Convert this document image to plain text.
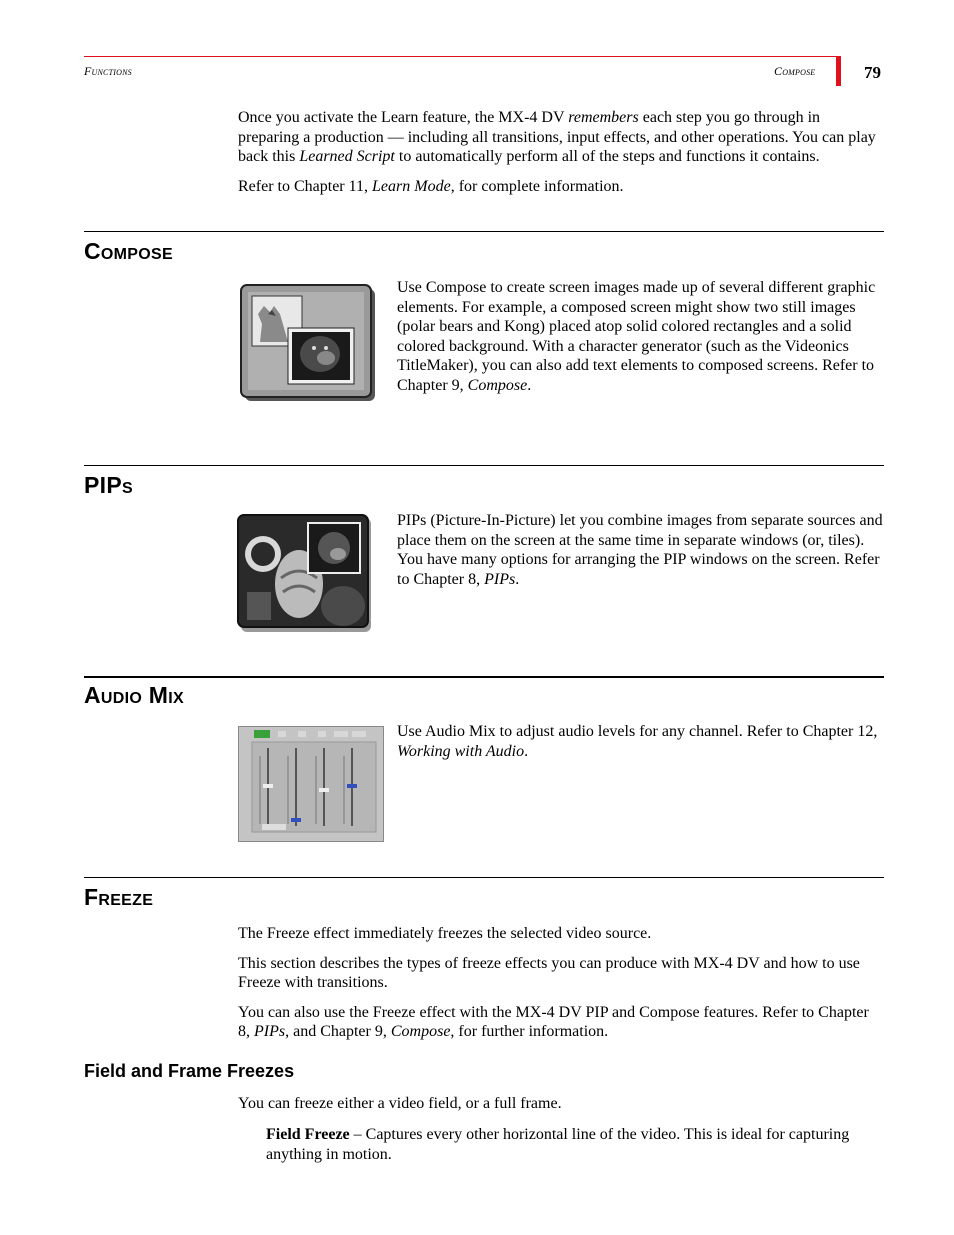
Functions	Compose	79

Once you activate the Learn feature, the MX-4 DV remembers each step you go through in preparing a production — including all transitions, input effects, and other operations. You can play back this Learned Script to automatically perform all of the steps and functions it contains.

Refer to Chapter 11, Learn Mode, for complete information.

Compose

Use Compose to create screen images made up of several different graphic elements. For example, a composed screen might show two still images (polar bears and Kong) placed atop solid colored rectangles and a solid colored background. With a character generator (such as the Videonics TitleMaker), you can also add text elements to composed screens. Refer to Chapter 9, Compose.

PIPs

PIPs (Picture-In-Picture) let you combine images from separate sources and place them on the screen at the same time in separate windows (or, tiles). You have many options for arranging the PIP windows on the screen. Refer to Chapter 8, PIPs.

Audio Mix

Use Audio Mix to adjust audio levels for any channel. Refer to Chapter 12, Working with Audio.

Freeze

The Freeze effect immediately freezes the selected video source.

This section describes the types of freeze effects you can produce with MX-4 DV and how to use Freeze with transitions.

You can also use the Freeze effect with the MX-4 DV PIP and Compose features. Refer to Chapter 8, PIPs, and Chapter 9, Compose, for further information.

Field and Frame Freezes

You can freeze either a video field, or a full frame.

Field Freeze – Captures every other horizontal line of the video. This is ideal for capturing anything in motion.
